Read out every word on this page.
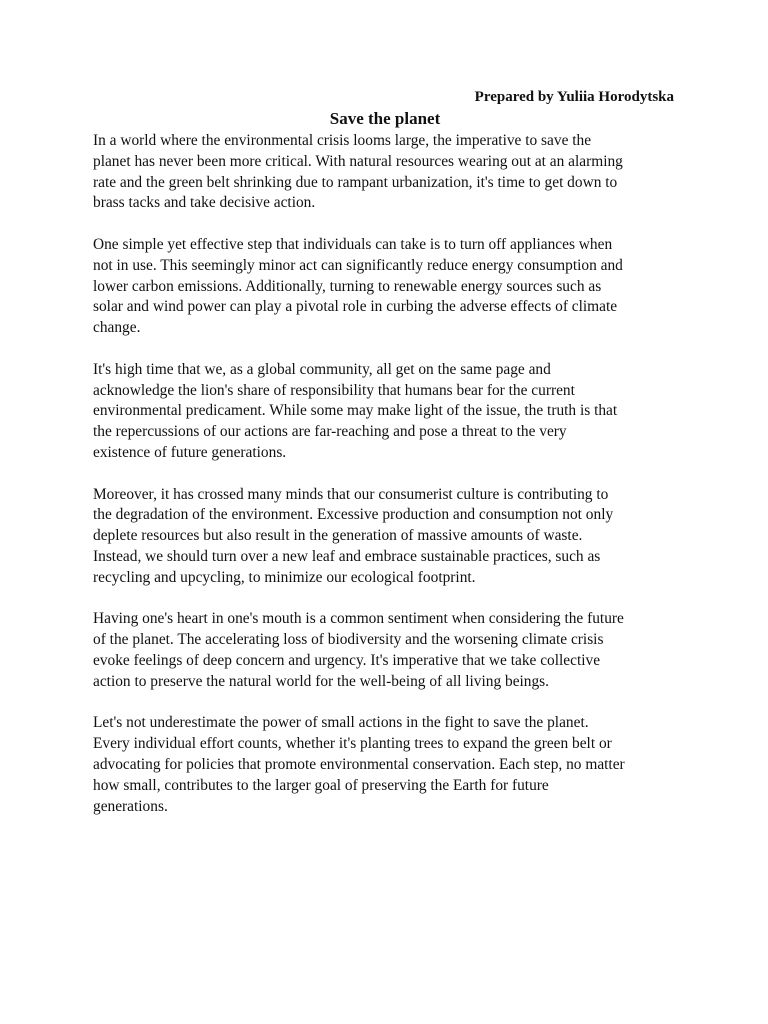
Prepared by Yuliia Horodytska
Save the planet

In a world where the environmental crisis looms large, the imperative to save the
planet has never been more critical. With natural resources wearing out at an alarming
rate and the green belt shrinking due to rampant urbanization, it's time to get down to
brass tacks and take decisive action.

One simple yet effective step that individuals can take is to turn off appliances when
not in use. This seemingly minor act can significantly reduce energy consumption and
lower carbon emissions. Additionally, turning to renewable energy sources such as
solar and wind power can play a pivotal role in curbing the adverse effects of climate
change.

It's high time that we, as a global community, all get on the same page and
acknowledge the lion's share of responsibility that humans bear for the current
environmental predicament. While some may make light of the issue, the truth is that
the repercussions of our actions are far-reaching and pose a threat to the very
existence of future generations.

Moreover, it has crossed many minds that our consumerist culture is contributing to
the degradation of the environment. Excessive production and consumption not only
deplete resources but also result in the generation of massive amounts of waste.
Instead, we should turn over a new leaf and embrace sustainable practices, such as
recycling and upcycling, to minimize our ecological footprint.

Having one's heart in one's mouth is a common sentiment when considering the future
of the planet. The accelerating loss of biodiversity and the worsening climate crisis
evoke feelings of deep concern and urgency. It's imperative that we take collective
action to preserve the natural world for the well-being of all living beings.

Let's not underestimate the power of small actions in the fight to save the planet.
Every individual effort counts, whether it's planting trees to expand the green belt or
advocating for policies that promote environmental conservation. Each step, no matter
how small, contributes to the larger goal of preserving the Earth for future
generations.
